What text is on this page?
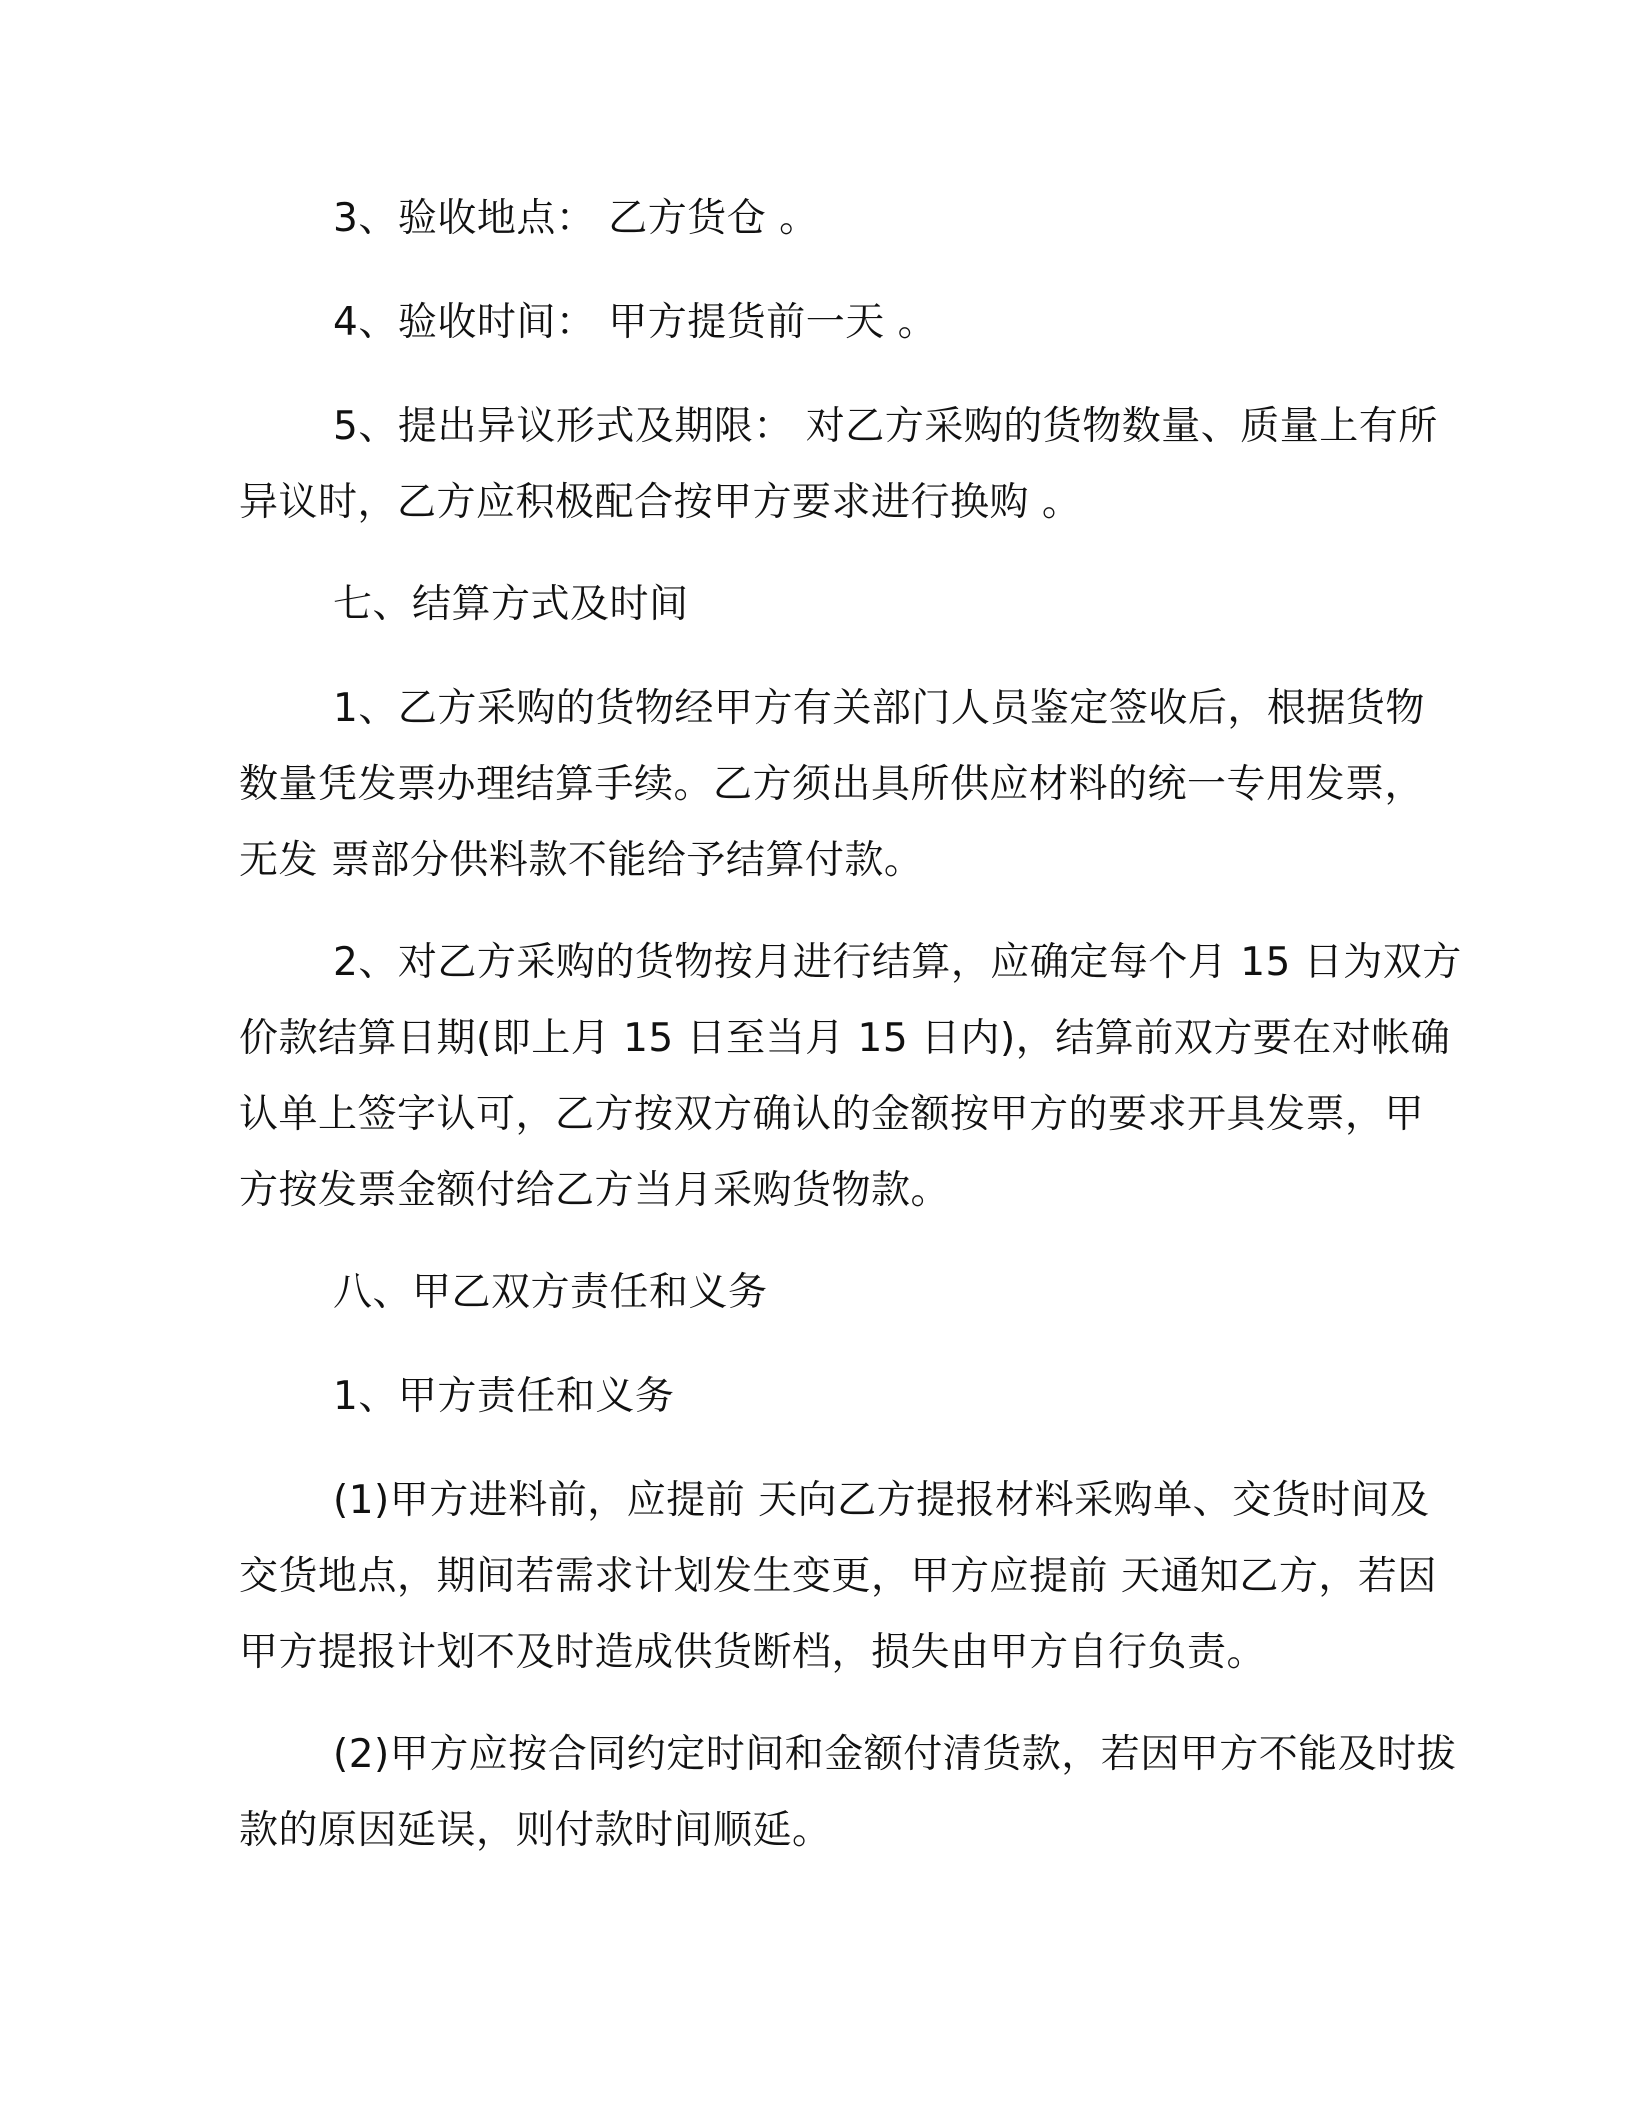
3、验收地点： 乙方货仓 。
4、验收时间： 甲方提货前一天 。
5、提出异议形式及期限： 对乙方采购的货物数量、质量上有所
异议时，乙方应积极配合按甲方要求进行换购 。
七、结算方式及时间
1、乙方采购的货物经甲方有关部门人员鉴定签收后，根据货物
数量凭发票办理结算手续。乙方须出具所供应材料的统一专用发票，
无发 票部分供料款不能给予结算付款。
2、对乙方采购的货物按月进行结算，应确定每个月 15 日为双方
价款结算日期(即上月 15 日至当月 15 日内)，结算前双方要在对帐确
认单上签字认可，乙方按双方确认的金额按甲方的要求开具发票，甲
方按发票金额付给乙方当月采购货物款。
八、甲乙双方责任和义务
1、甲方责任和义务
(1)甲方进料前，应提前 天向乙方提报材料采购单、交货时间及
交货地点，期间若需求计划发生变更，甲方应提前 天通知乙方，若因
甲方提报计划不及时造成供货断档，损失由甲方自行负责。
(2)甲方应按合同约定时间和金额付清货款，若因甲方不能及时拔
款的原因延误，则付款时间顺延。
